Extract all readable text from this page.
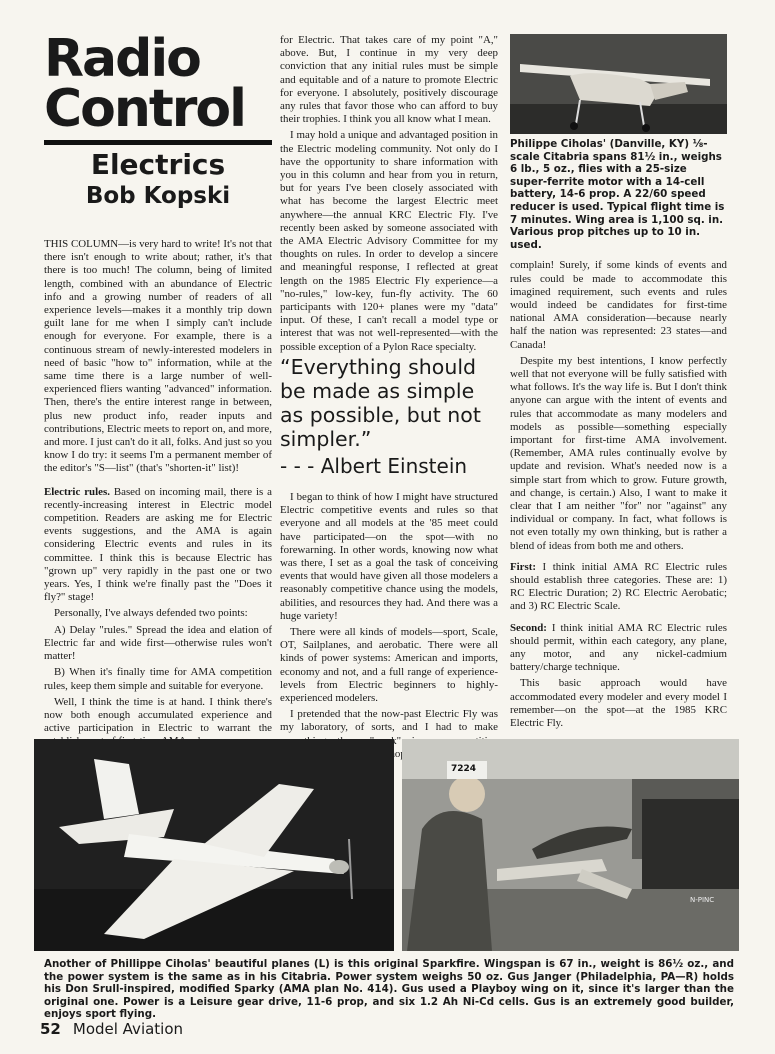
Radio

Control

Electrics

Bob Kopski

THIS COLUMN—is very hard to write! It's not that there isn't enough to write about; rather, it's that there is too much! The column, being of limited length, combined with an abundance of Electric info and a growing number of readers of all experience levels—makes it a monthly trip down guilt lane for me when I simply can't include enough for everyone. For example, there is a continuous stream of newly-interested modelers in need of basic "how to" information, while at the same time there is a large number of well-experienced fliers wanting "advanced" information. Then, there's the entire interest range in between, plus new product info, reader inputs and contributions, Electric meets to report on, and more, and more. I just can't do it all, folks. And just so you know I do try: it seems I'm a permanent member of the editor's "S—list" (that's "shorten-it" list)!

Electric rules. Based on incoming mail, there is a recently-increasing interest in Electric model competition. Readers are asking me for Electric events suggestions, and the AMA is again considering Electric events and rules in its committee. I think this is because Electric has "grown up" very rapidly in the past one or two years. Yes, I think we're finally past the "Does it fly?" stage!

Personally, I've always defended two points:

A) Delay "rules." Spread the idea and elation of Electric far and wide first—otherwise rules won't matter!

B) When it's finally time for AMA competition rules, keep them simple and suitable for everyone.

Well, I think the time is at hand. I think there's now both enough accumulated experience and active participation in Electric to warrant the

for Electric. That takes care of my point "A," above. But, I continue in my very deep conviction that any initial rules must be simple and equitable and of a nature to promote Electric for everyone. I absolutely, positively discourage any rules that favor those who can afford to buy their trophies. I think you all know what I mean.

I may hold a unique and advantaged position in the Electric modeling community. Not only do I have the opportunity to share information with you in this column and hear from you in return, but for years I've been closely associated with what has become the largest Electric meet anywhere—the annual KRC Electric Fly. I've recently been asked by someone associated with the AMA Electric Advisory Committee for my thoughts on rules. In order to develop a sincere and meaningful response, I reflected at great length on the 1985 Electric Fly experience—a "no-rules," low-key, fun-fly activity. The 60 participants with 120+ planes were my "data" input. Of these, I can't recall a model type or interest that was not well-represented—with the possible exception of a Pylon Race specialty.

“Everything should be made as simple as possible, but not simpler.”

- - - Albert Einstein

I began to think of how I might have structured Electric competitive events and rules so that everyone and all models at the '85 meet could have participated—on the spot—with no forewarning. In other words, knowing now what was there, I set as a goal the task of conceiving events that would have given all those modelers a reasonably competitive chance using the models, abilities, and resources they had. And there was a huge variety!

There were all kinds of models—sport, Scale, OT, Sailplanes, and aerobatic. There were all kinds of power systems: American and imports, economy and not, and a full range of experience-levels from Electric beginners to highly-experienced modelers.

I pretended that the now-past Electric Fly was my laboratory, of sorts, and I had to make

Philippe Ciholas' (Danville, KY) ⅛-scale Citabria spans 81½ in., weighs 6 lb., 5 oz., flies with a 25-size super-ferrite motor with a 14-cell battery, 14-6 prop. A 22/60 speed reducer is used. Typical flight time is 7 minutes. Wing area is 1,100 sq. in. Various prop pitches up to 10 in. used.

complain! Surely, if some kinds of events and rules could be made to accommodate this imagined requirement, such events and rules would indeed be candidates for first-time national AMA consideration—because nearly half the nation was represented: 23 states—and Canada!

Despite my best intentions, I know perfectly well that not everyone will be fully satisfied with what follows. It's the way life is. But I don't think anyone can argue with the intent of events and rules that accommodate as many modelers and models as possible—something especially important for first-time AMA involvement. (Remember, AMA rules continually evolve by update and revision. What's needed now is a simple start from which to grow. Future growth, and change, is certain.) Also, I want to make it clear that I am neither "for" nor "against" any individual or company. In fact, what follows is not even totally my own thinking, but is rather a blend of ideas from both me and others.

First: I think initial AMA RC Electric rules should establish three categories. These are: 1) RC Electric Duration; 2) RC Electric Aerobatic; and 3) RC Electric Scale.

Second: I think initial AMA RC Electric rules should permit, within each category, any plane, any motor, and any nickel-cadmium battery/charge technique.

This basic approach would have accommodated every modeler and every model I remember—on the spot—at the 1985 KRC Electric Fly.

7224
N-PINC
Another of Phillippe Ciholas' beautiful planes (L) is this original Sparkfire. Wingspan is 67 in., weight is 86½ oz., and the power system is the same as in his Citabria. Power system weighs 50 oz. Gus Janger (Philadelphia, PA—R) holds his Don Srull-inspired, modified Sparky (AMA plan No. 414). Gus used a Playboy wing on it, since it's larger than the original one. Power is a Leisure gear drive, 11-6 prop, and six 1.2 Ah Ni-Cd cells. Gus is an extremely good builder, enjoys sport flying.
52 Model Aviation
